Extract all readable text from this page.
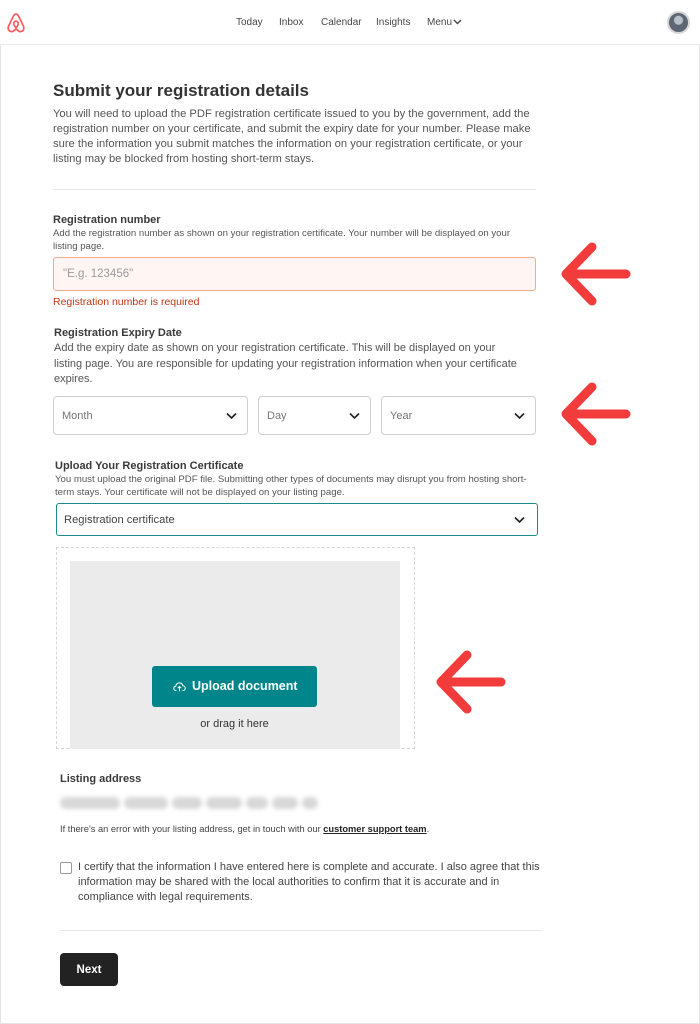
Today Inbox Calendar Insights Menu
Submit your registration details

You will need to upload the PDF registration certificate issued to you by the government, add the registration number on your certificate, and submit the expiry date for your number. Please make sure the information you submit matches the information on your registration certificate, or your listing may be blocked from hosting short-term stays.

Registration number
Add the registration number as shown on your registration certificate. Your number will be displayed on your listing page.
"E.g. 123456"
Registration number is required
Registration Expiry Date
Add the expiry date as shown on your registration certificate. This will be displayed on your listing page. You are responsible for updating your registration information when your certificate expires.
Month	Day	Year
Upload Your Registration Certificate
You must upload the original PDF file. Submitting other types of documents may disrupt you from hosting short-term stays. Your certificate will not be displayed on your listing page.
Registration certificate
Upload document
or drag it here
Listing address
If there's an error with your listing address, get in touch with our customer support team.
I certify that the information I have entered here is complete and accurate. I also agree that this information may be shared with the local authorities to confirm that it is accurate and in compliance with legal requirements.
Next
